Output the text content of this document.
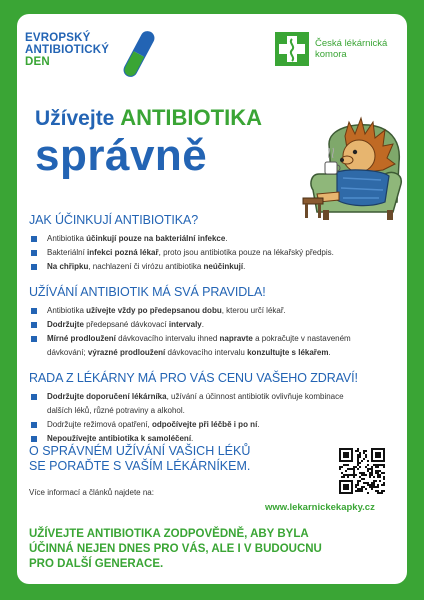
EVROPSKÝ
ANTIBIOTICKÝ
DEN
Česká lékárnická
komora
Užívejte ANTIBIOTIKA
správně
JAK ÚČINKUJÍ ANTIBIOTIKA?
Antibiotika účinkují pouze na bakteriální infekce.
Bakteriální infekci pozná lékař, proto jsou antibiotika pouze na lékařský předpis.
Na chřipku, nachlazení či virózu antibiotika neúčinkují.
UŽÍVÁNÍ ANTIBIOTIK MÁ SVÁ PRAVIDLA!
Antibiotika užívejte vždy po předepsanou dobu, kterou určí lékař.
Dodržujte předepsané dávkovací intervaly.
Mírné prodloužení dávkovacího intervalu ihned napravte a pokračujte v nastaveném
dávkování; výrazné prodloužení dávkovacího intervalu konzultujte s lékařem.
RADA Z LÉKÁRNY MÁ PRO VÁS CENU VAŠEHO ZDRAVÍ!
Dodržujte doporučení lékárníka, užívání a účinnost antibiotik ovlivňuje kombinace
dalších léků, různé potraviny a alkohol.
Dodržujte režimová opatření, odpočívejte při léčbě i po ní.
Nepoužívejte antibiotika k samoléčení.
O SPRÁVNÉM UŽÍVÁNÍ VAŠICH LÉKŮ
SE PORAĎTE S VAŠÍM LÉKÁRNÍKEM.
Více informací a článků najdete na:
www.lekarnickekapky.cz
UŽÍVEJTE ANTIBIOTIKA ZODPOVĚDNĚ, ABY BYLA
ÚČINNÁ NEJEN DNES PRO VÁS, ALE I V BUDOUCNU
PRO DALŠÍ GENERACE.
